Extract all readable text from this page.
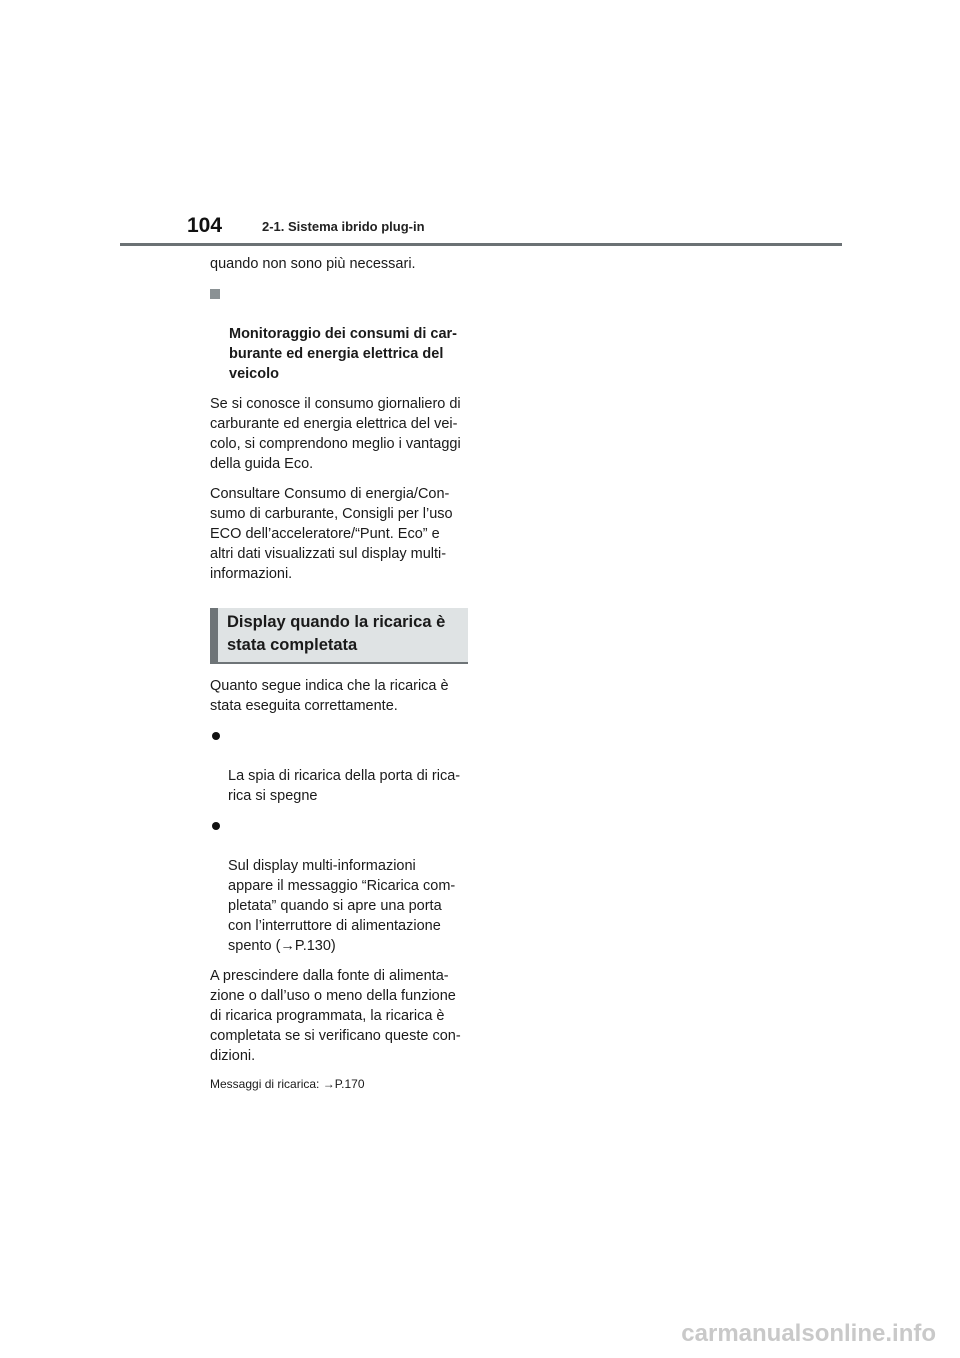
104	2-1. Sistema ibrido plug-in

quando non sono più necessari.

Monitoraggio dei consumi di car-
burante ed energia elettrica del
veicolo

Se si conosce il consumo giornaliero di
carburante ed energia elettrica del vei-
colo, si comprendono meglio i vantaggi
della guida Eco.

Consultare Consumo di energia/Con-
sumo di carburante, Consigli per l’uso
ECO dell’acceleratore/“Punt. Eco” e
altri dati visualizzati sul display multi-
informazioni.

Display quando la ricarica è
stata completata

Quanto segue indica che la ricarica è
stata eseguita correttamente.

La spia di ricarica della porta di rica-
rica si spegne

Sul display multi-informazioni
appare il messaggio “Ricarica com-
pletata” quando si apre una porta
con l’interruttore di alimentazione
spento (→P.130)

A prescindere dalla fonte di alimenta-
zione o dall’uso o meno della funzione
di ricarica programmata, la ricarica è
completata se si verificano queste con-
dizioni.

Messaggi di ricarica: →P.170

carmanualsonline.info
